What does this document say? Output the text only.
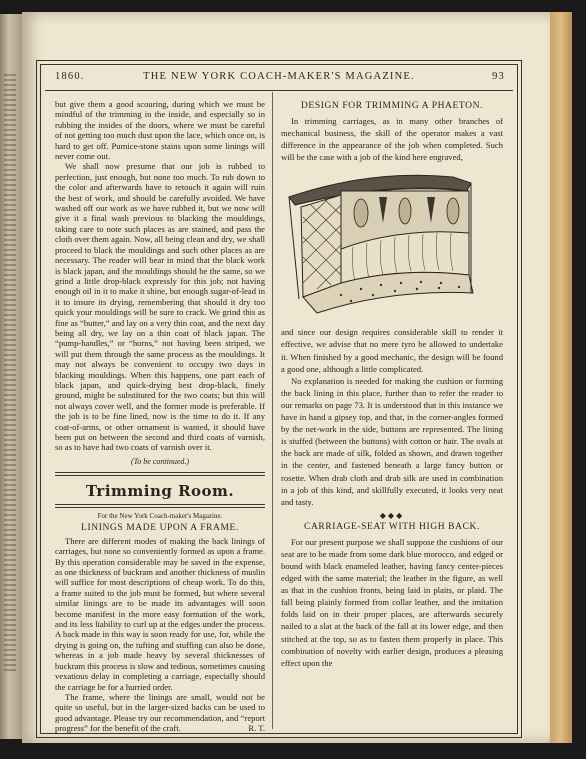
1860.	THE NEW YORK COACH-MAKER'S MAGAZINE.	93

but give them a good scouring, during which we must be mindful of the trimming in the inside, and especially so in rubbing the insides of the doors, where we must be careful of not getting too much dust upon the lace, which once on, is hard to get off. Pumice-stone stains upon some linings will never come out.

We shall now presume that our job is rubbed to perfection, just enough, but none too much. To rub down to the color and afterwards have to retouch it again will ruin the best of work, and should be carefully avoided. We have washed off our work as we have rubbed it, but we now will give it a final wash previous to blacking the mouldings, taking care to note such places as are stained, and pass the cloth over them again. Now, all being clean and dry, we shall proceed to black the mouldings and such other places as are necessary. The reader will bear in mind that the black work is black japan, and the mouldings should be the same, so we grind a little drop-black expressly for this job; not having enough oil in it to make it shine, but enough sugar-of-lead in it to insure its drying, remembering that should it dry too quick your mouldings will be sure to crack. We grind this as fine as “butter,” and lay on a very thin coat, and the next day being all dry, we lay on a thin coat of black japan. The “pump-handles,” or “horns,” not having been striped, we will put them through the same process as the mouldings. It may not always be convenient to occupy two days in blacking mouldings. When this happens, one part each of black japan, and quick-drying best drop-black, finely ground, might be substituted for the two coats; but this will not always cover well, and the former mode is preferable. If the job is to be fine lined, now is the time to do it. If any coat-of-arms, or other ornament is wanted, it should have been put on between the second and third coats of varnish, so as to have had two coats of varnish over it.

(To be continued.)
Trimming Room.
For the New York Coach-maker's Magazine.
LININGS MADE UPON A FRAME.

There are different modes of making the back linings of carriages, but none so conveniently formed as upon a frame. By this operation considerable may be saved in the expense, as one thickness of buckram and another thickness of muslin will suffice for most descriptions of cheap work. To do this, a frame suited to the job must be formed, but where several similar linings are to be made its advantages will soon become manifest in the more easy formation of the work, and its less liability to curl up at the edges under the process. A back made in this way is soon ready for use, for, while the drying is going on, the tufting and stuffing can also be done, whereas in a job made heavy by several thicknesses of buckram this process is slow and tedious, sometimes causing vexatious delay in completing a carriage, especially should the carriage be for a hurried order.

The frame, where the linings are small, would not be quite so useful, but in the larger-sized backs can be used to good advantage. Please try our recommendation, and “report progress” for the benefit of the craft.	R. T.

DESIGN FOR TRIMMING A PHAETON.

In trimming carriages, as in many other branches of mechanical business, the skill of the operator makes a vast difference in the appearance of the job when completed. Such will be the case with a job of the kind here engraved,

and since our design requires considerable skill to render it effective, we advise that no mere tyro be allowed to undertake it. When finished by a good mechanic, the design will be found a good one, although a little complicated.

No explanation is needed for making the cushion or forming the back lining in this place, further than to refer the reader to our remarks on page 73. It is understood that in this instance we have in hand a gipsey top, and that, in the corner-angles formed by the net-work in the side, buttons are represented. The lining is stuffed (between the buttons) with cotton or hair. The ovals at the back are made of silk, folded as shown, and drawn together in the center, and fastened beneath a large fancy button or rosette. When drab cloth and drab silk are used in combination in a job of this kind, and skillfully executed, it looks very neat and tasty.

◆◆◆
CARRIAGE-SEAT WITH HIGH BACK.

For our present purpose we shall suppose the cushions of our seat are to be made from some dark blue morocco, and edged or bound with black enameled leather, having fancy center-pieces edged with the same material; the leather in the figure, as well as that in the cushion fronts, being laid in plaits, or plaid. The fall being plainly formed from collar leather, and the imitation folds laid on in their proper places, are afterwards securely nailed to a slat at the back of the fall at its lower edge, and then stitched at the top, so as to fasten them properly in place. This combination of novelty with earlier design, produces a pleasing effect upon the
